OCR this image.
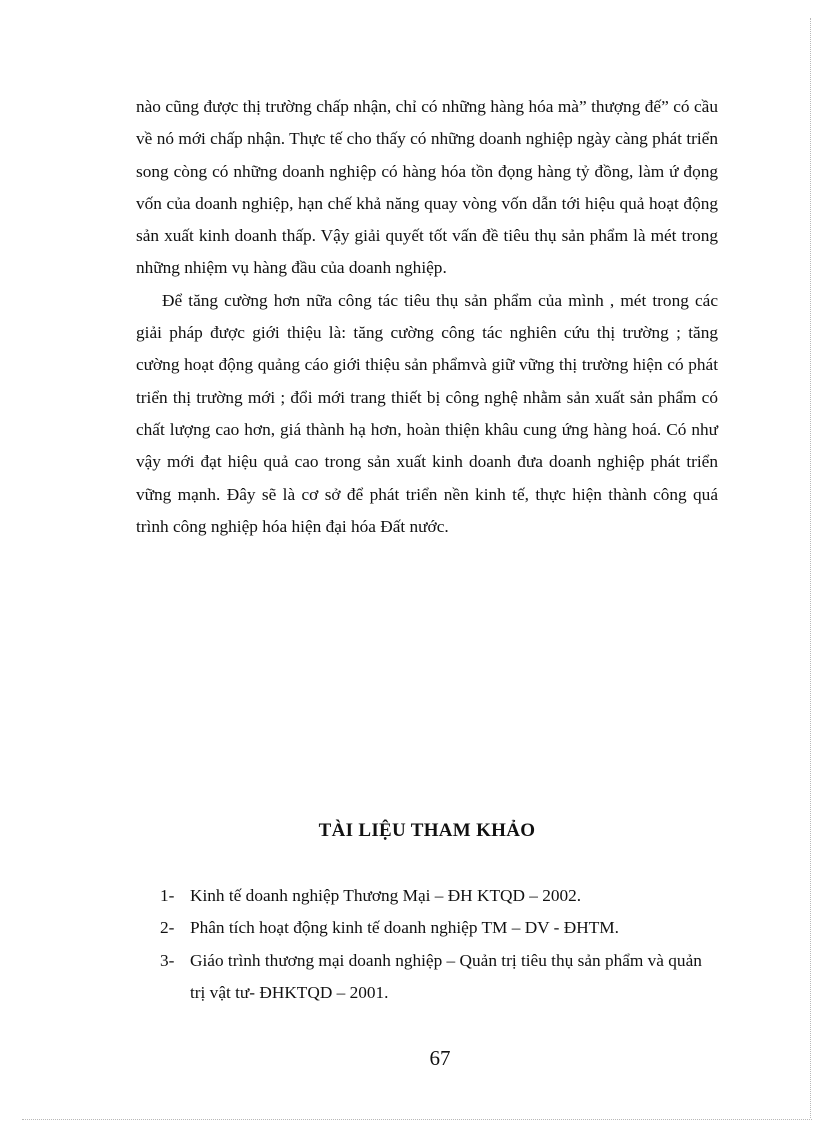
nào cũng được thị trường chấp nhận, chỉ có những hàng hóa mà” thượng đế” có cầu về nó mới chấp nhận. Thực tế cho thấy có những doanh nghiệp ngày càng phát triển song còng có những doanh nghiệp có hàng hóa tồn đọng hàng tỷ đồng, làm ứ đọng vốn của doanh nghiệp, hạn chế khả năng quay vòng vốn dẫn tới hiệu quả hoạt động sản xuất kinh doanh thấp. Vậy giải quyết tốt vấn đề tiêu thụ sản phẩm là mét trong những nhiệm vụ hàng đầu của doanh nghiệp.

Để tăng cường hơn nữa công tác tiêu thụ sản phẩm của mình , mét trong các giải pháp được giới thiệu là: tăng cường công tác nghiên cứu thị trường ; tăng cường hoạt động quảng cáo giới thiệu sản phẩmvà giữ vững thị trường hiện có phát triển thị trường mới ; đổi mới trang thiết bị công nghệ nhằm sản xuất sản phẩm có chất lượng cao hơn, giá thành hạ hơn, hoàn thiện khâu cung ứng hàng hoá. Có như vậy mới đạt hiệu quả cao trong sản xuất kinh doanh đưa doanh nghiệp phát triển vững mạnh. Đây sẽ là cơ sở để phát triển nền kinh tế, thực hiện thành công quá trình công nghiệp hóa hiện đại hóa Đất nước.

TÀI LIỆU THAM KHẢO
1- Kinh tế doanh nghiệp Thương Mại – ĐH KTQD – 2002.
2- Phân tích hoạt động kinh tế doanh nghiệp TM – DV - ĐHTM.
3- Giáo trình thương mại doanh nghiệp – Quản trị tiêu thụ sản phẩm và quản trị vật tư- ĐHKTQD – 2001.
67
